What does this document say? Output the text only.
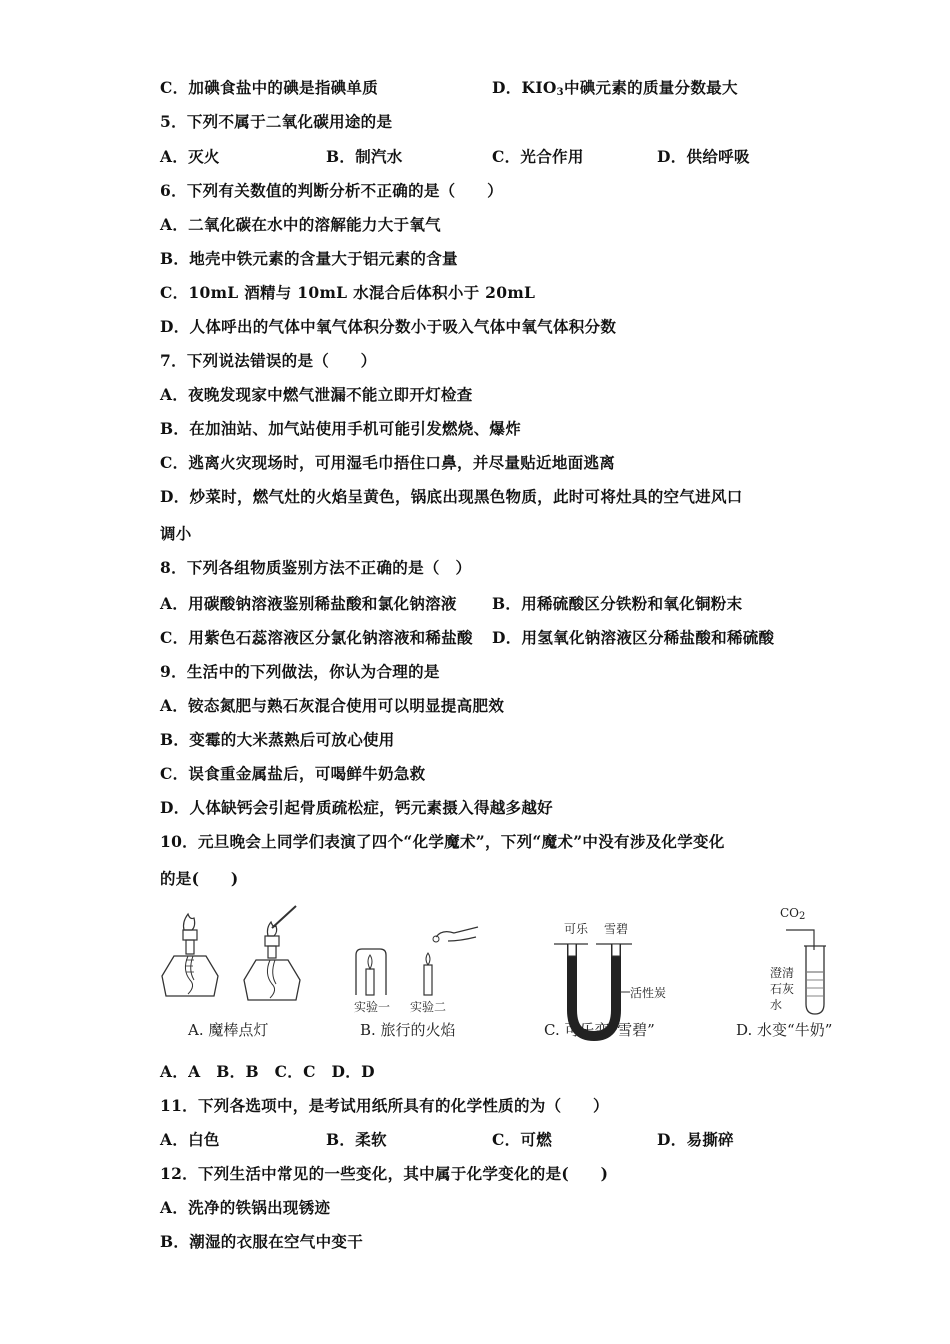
C．加碘食盐中的碘是指碘单质	D．$KIO_3$中碘元素的质量分数最大
5．下列不属于二氧化碳用途的是
A．灭火	B．制汽水	C．光合作用	D．供给呼吸
6．下列有关数值的判断分析不正确的是（　　）
A．二氧化碳在水中的溶解能力大于氧气
B．地壳中铁元素的含量大于铝元素的含量
C．10mL 酒精与 10mL 水混合后体积小于 20mL
D．人体呼出的气体中氧气体积分数小于吸入气体中氧气体积分数
7．下列说法错误的是（　　）
A．夜晚发现家中燃气泄漏不能立即开灯检查
B．在加油站、加气站使用手机可能引发燃烧、爆炸
C．逃离火灾现场时，可用湿毛巾捂住口鼻，并尽量贴近地面逃离
D．炒菜时，燃气灶的火焰呈黄色，锅底出现黑色物质，此时可将灶具的空气进风口
调小
8．下列各组物质鉴别方法不正确的是（　）
A．用碳酸钠溶液鉴别稀盐酸和氯化钠溶液 B．用稀硫酸区分铁粉和氧化铜粉末
C．用紫色石蕊溶液区分氯化钠溶液和稀盐酸 D．用氢氧化钠溶液区分稀盐酸和稀硫酸
9．生活中的下列做法，你认为合理的是
A．铵态氮肥与熟石灰混合使用可以明显提高肥效
B．变霉的大米蒸熟后可放心使用
C．误食重金属盐后，可喝鲜牛奶急救
D．人体缺钙会引起骨质疏松症，钙元素摄入得越多越好
10．元旦晚会上同学们表演了四个“化学魔术”，下列“魔术”中没有涉及化学变化
的是(　　)
实验一 实验二
可乐 雪碧
活性炭
$CO_2$
澄清
石灰
水
A. 魔棒点灯	B. 旅行的火焰	C. 可乐变“雪碧”	D. 水变“牛奶”
A．A　B．B　C．C　D．D
11．下列各选项中，是考试用纸所具有的化学性质的为（　　）
A．白色	B．柔软	C．可燃	D．易撕碎
12．下列生活中常见的一些变化，其中属于化学变化的是(　　)
A．洗净的铁锅出现锈迹
B．潮湿的衣服在空气中变干
